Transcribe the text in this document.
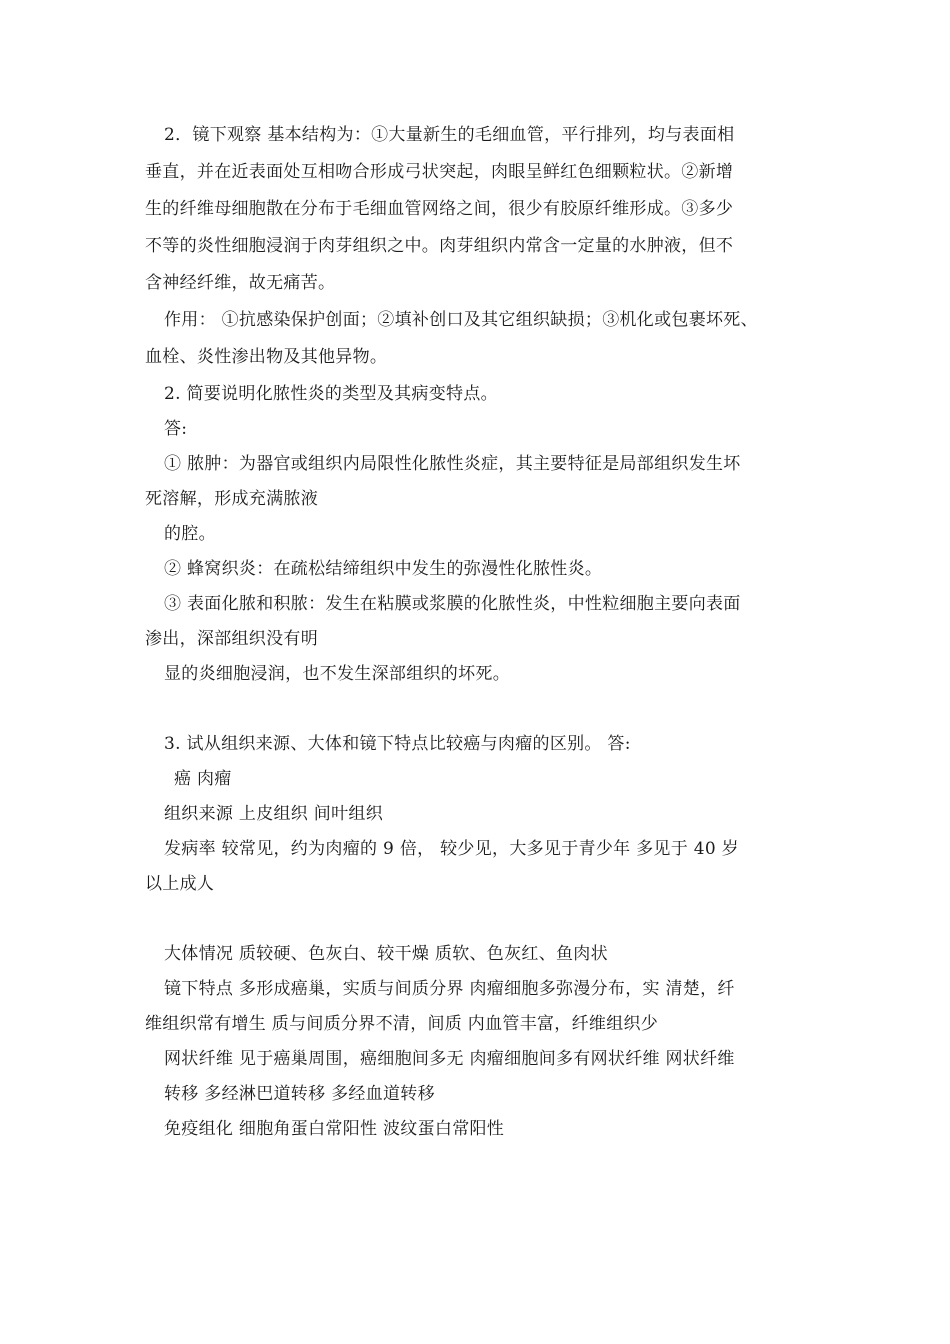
2．镜下观察 基本结构为：①大量新生的毛细血管，平行排列，均与表面相

垂直，并在近表面处互相吻合形成弓状突起，肉眼呈鲜红色细颗粒状。②新增

生的纤维母细胞散在分布于毛细血管网络之间，很少有胶原纤维形成。③多少

不等的炎性细胞浸润于肉芽组织之中。肉芽组织内常含一定量的水肿液，但不

含神经纤维，故无痛苦。

作用： ①抗感染保护创面；②填补创口及其它组织缺损；③机化或包裹坏死、

血栓、炎性渗出物及其他异物。

2. 简要说明化脓性炎的类型及其病变特点。

答:

① 脓肿：为器官或组织内局限性化脓性炎症，其主要特征是局部组织发生坏

死溶解，形成充满脓液

的腔。

② 蜂窝织炎：在疏松结缔组织中发生的弥漫性化脓性炎。

③ 表面化脓和积脓：发生在粘膜或浆膜的化脓性炎，中性粒细胞主要向表面

渗出，深部组织没有明

显的炎细胞浸润，也不发生深部组织的坏死。

3. 试从组织来源、大体和镜下特点比较癌与肉瘤的区别。 答:

癌 肉瘤

组织来源 上皮组织 间叶组织

发病率 较常见，约为肉瘤的 9 倍， 较少见，大多见于青少年 多见于 40 岁

以上成人

大体情况 质较硬、色灰白、较干燥 质软、色灰红、鱼肉状

镜下特点 多形成癌巢，实质与间质分界 肉瘤细胞多弥漫分布，实 清楚，纤

维组织常有增生 质与间质分界不清，间质 内血管丰富，纤维组织少

网状纤维 见于癌巢周围，癌细胞间多无 肉瘤细胞间多有网状纤维 网状纤维

转移 多经淋巴道转移 多经血道转移

免疫组化 细胞角蛋白常阳性 波纹蛋白常阳性
